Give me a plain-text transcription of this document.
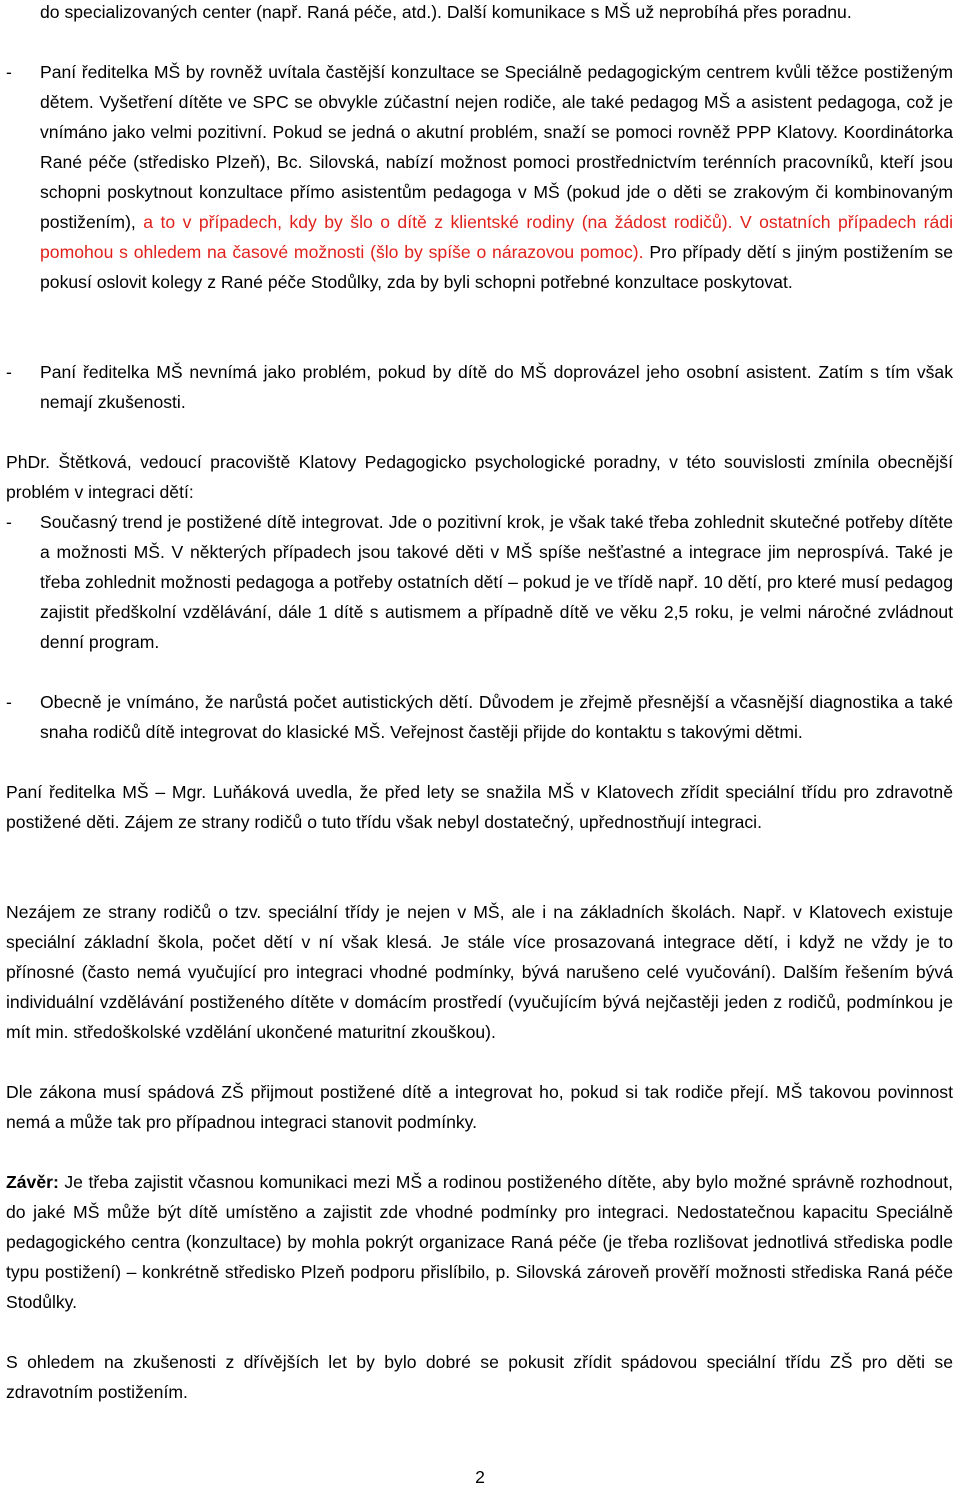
do specializovaných center (např. Raná péče, atd.). Další komunikace s MŠ už neprobíhá přes poradnu.

- Paní ředitelka MŠ by rovněž uvítala častější konzultace se Speciálně pedagogickým centrem kvůli těžce postiženým dětem. Vyšetření dítěte ve SPC se obvykle zúčastní nejen rodiče, ale také pedagog MŠ a asistent pedagoga, což je vnímáno jako velmi pozitivní. Pokud se jedná o akutní problém, snaží se pomoci rovněž PPP Klatovy. Koordinátorka Rané péče (středisko Plzeň), Bc. Silovská, nabízí možnost pomoci prostřednictvím terénních pracovníků, kteří jsou schopni poskytnout konzultace přímo asistentům pedagoga v MŠ (pokud jde o děti se zrakovým či kombinovaným postižením), a to v případech, kdy by šlo o dítě z klientské rodiny (na žádost rodičů). V ostatních případech rádi pomohou s ohledem na časové možnosti (šlo by spíše o nárazovou pomoc). Pro případy dětí s jiným postižením se pokusí oslovit kolegy z Rané péče Stodůlky, zda by byli schopni potřebné konzultace poskytovat.
- Paní ředitelka MŠ nevnímá jako problém, pokud by dítě do MŠ doprovázel jeho osobní asistent. Zatím s tím však nemají zkušenosti.

PhDr. Štětková, vedoucí pracoviště Klatovy Pedagogicko psychologické poradny, v této souvislosti zmínila obecnější problém v integraci dětí:

- Současný trend je postižené dítě integrovat. Jde o pozitivní krok, je však také třeba zohlednit skutečné potřeby dítěte a možnosti MŠ. V některých případech jsou takové děti v MŠ spíše nešťastné a integrace jim neprospívá. Také je třeba zohlednit možnosti pedagoga a potřeby ostatních dětí – pokud je ve třídě např. 10 dětí, pro které musí pedagog zajistit předškolní vzdělávání, dále 1 dítě s autismem a případně dítě ve věku 2,5 roku, je velmi náročné zvládnout denní program.
- Obecně je vnímáno, že narůstá počet autistických dětí. Důvodem je zřejmě přesnější a včasnější diagnostika a také snaha rodičů dítě integrovat do klasické MŠ. Veřejnost častěji přijde do kontaktu s takovými dětmi.

Paní ředitelka MŠ – Mgr. Luňáková uvedla, že před lety se snažila MŠ v Klatovech zřídit speciální třídu pro zdravotně postižené děti. Zájem ze strany rodičů o tuto třídu však nebyl dostatečný, upřednostňují integraci.

Nezájem ze strany rodičů o tzv. speciální třídy je nejen v MŠ, ale i na základních školách. Např. v Klatovech existuje speciální základní škola, počet dětí v ní však klesá. Je stále více prosazovaná integrace dětí, i když ne vždy je to přínosné (často nemá vyučující pro integraci vhodné podmínky, bývá narušeno celé vyučování). Dalším řešením bývá individuální vzdělávání postiženého dítěte v domácím prostředí (vyučujícím bývá nejčastěji jeden z rodičů, podmínkou je mít min. středoškolské vzdělání ukončené maturitní zkouškou).

Dle zákona musí spádová ZŠ přijmout postižené dítě a integrovat ho, pokud si tak rodiče přejí. MŠ takovou povinnost nemá a může tak pro případnou integraci stanovit podmínky.

Závěr: Je třeba zajistit včasnou komunikaci mezi MŠ a rodinou postiženého dítěte, aby bylo možné správně rozhodnout, do jaké MŠ může být dítě umístěno a zajistit zde vhodné podmínky pro integraci. Nedostatečnou kapacitu Speciálně pedagogického centra (konzultace) by mohla pokrýt organizace Raná péče (je třeba rozlišovat jednotlivá střediska podle typu postižení) – konkrétně středisko Plzeň podporu přislíbilo, p. Silovská zároveň prověří možnosti střediska Raná péče Stodůlky.

S ohledem na zkušenosti z dřívějších let by bylo dobré se pokusit zřídit spádovou speciální třídu ZŠ pro děti se zdravotním postižením.

2
